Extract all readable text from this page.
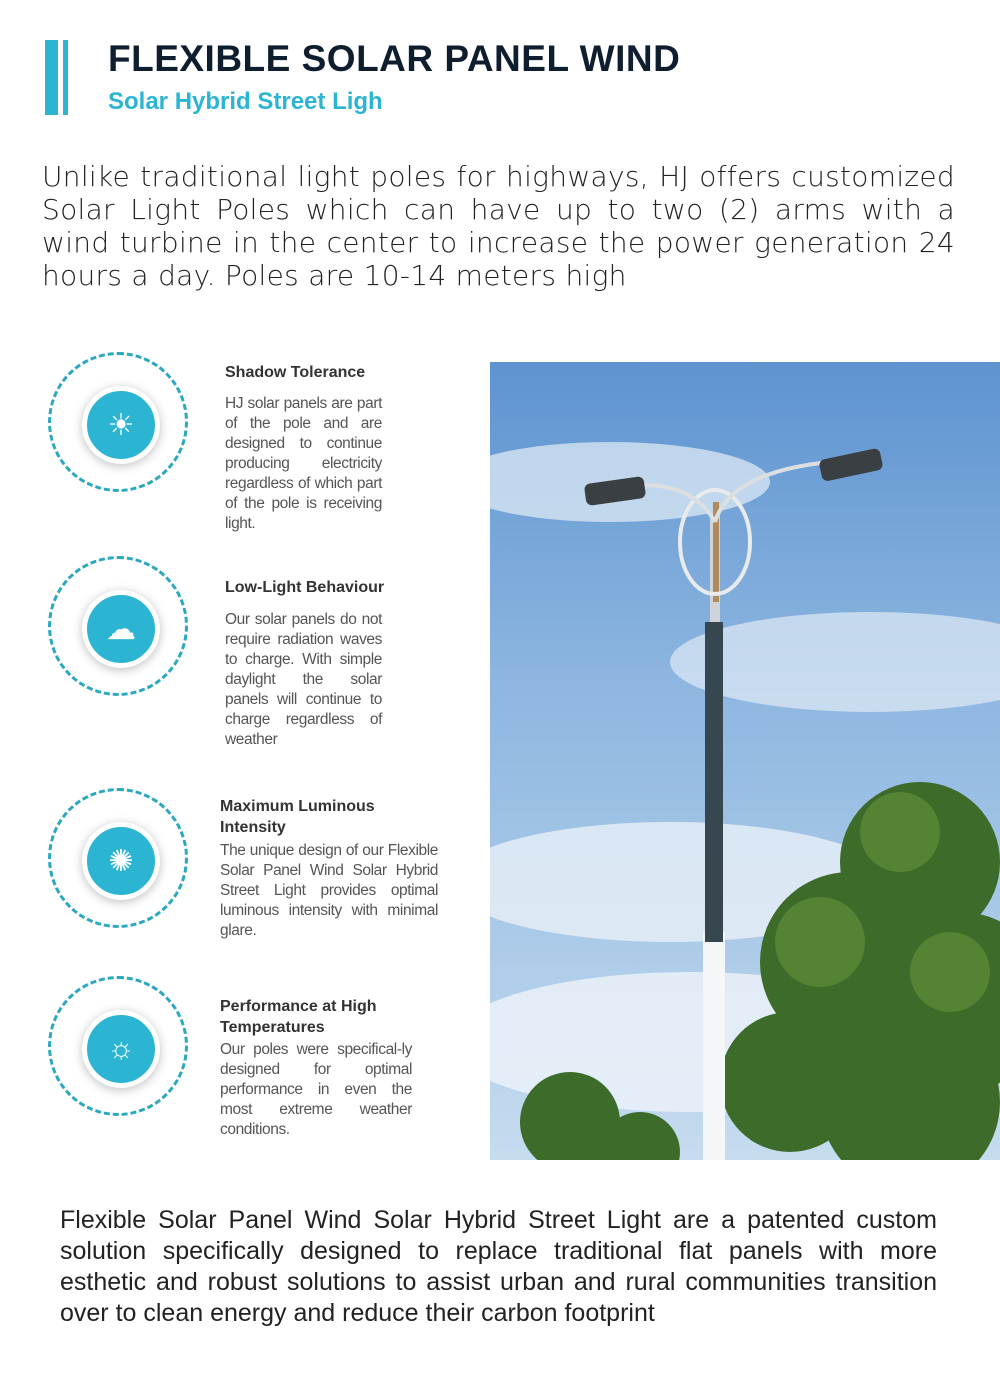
FLEXIBLE SOLAR PANEL WIND
Solar Hybrid Street Ligh

Unlike traditional light poles for highways, HJ offers customized Solar Light Poles which can have up to two (2) arms with a wind turbine in the center to increase the power generation 24 hours a day. Poles are 10-14 meters high

☀
Shadow Tolerance
HJ solar panels are part of the pole and are designed to continue producing electricity regardless of which part of the pole is receiving light.
☁
Low-Light Behaviour
Our solar panels do not require radiation waves to charge. With simple daylight the solar panels will continue to charge regardless of weather
✺
Maximum Luminous Intensity
The unique design of our Flexible Solar Panel Wind Solar Hybrid Street Light provides optimal luminous intensity with minimal glare.
☼
Performance at High Temperatures
Our poles were specifical-ly designed for optimal performance in even the most extreme weather conditions.

Flexible Solar Panel Wind Solar Hybrid Street Light are a patented custom solution specifically designed to replace traditional flat panels with more esthetic and robust solutions to assist urban and rural communities transition over to clean energy and reduce their carbon footprint
